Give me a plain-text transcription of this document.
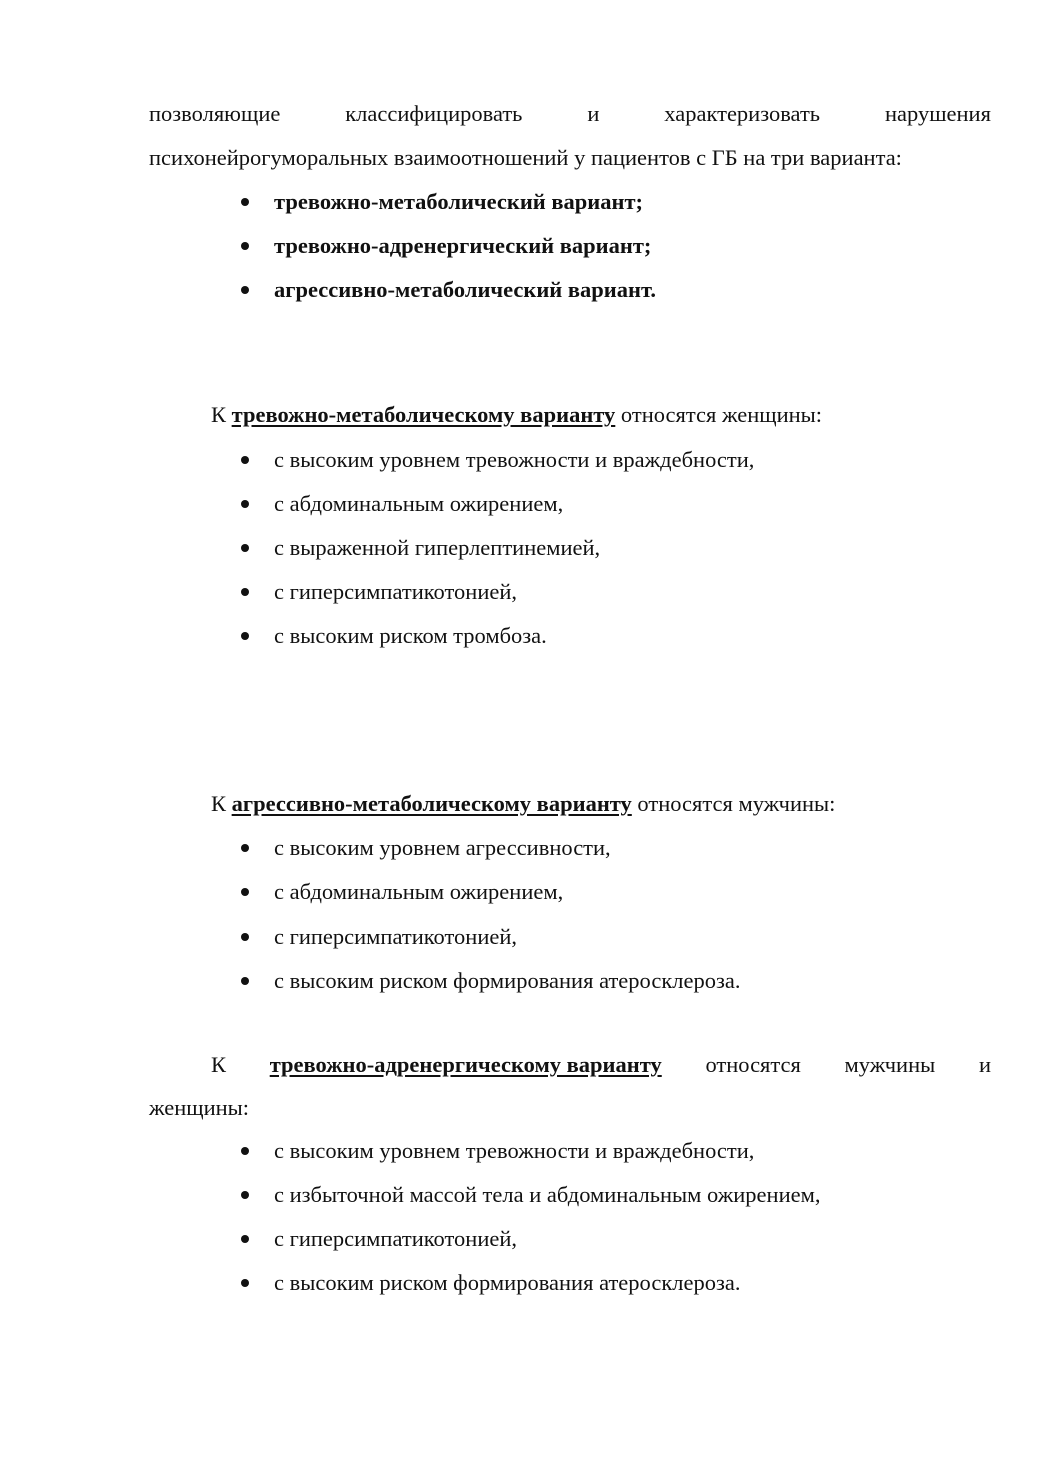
позволяющие	классифицировать	и	характеризовать	нарушения
психонейрогуморальных взаимоотношений у пациентов с ГБ на три варианта:
тревожно-метаболический вариант;
тревожно-адренергический вариант;
агрессивно-метаболический вариант.
К тревожно-метаболическому варианту относятся женщины:
с высоким уровнем тревожности и враждебности,
с абдоминальным ожирением,
с выраженной гиперлептинемией,
с гиперсимпатикотонией,
с высоким риском тромбоза.
К агрессивно-метаболическому варианту относятся мужчины:
с высоким уровнем агрессивности,
с абдоминальным ожирением,
с гиперсимпатикотонией,
с высоким риском формирования атеросклероза.
К тревожно-адренергическому варианту относятся мужчины и
женщины:
с высоким уровнем тревожности и враждебности,
с избыточной массой тела и абдоминальным ожирением,
с гиперсимпатикотонией,
с высоким риском формирования атеросклероза.
